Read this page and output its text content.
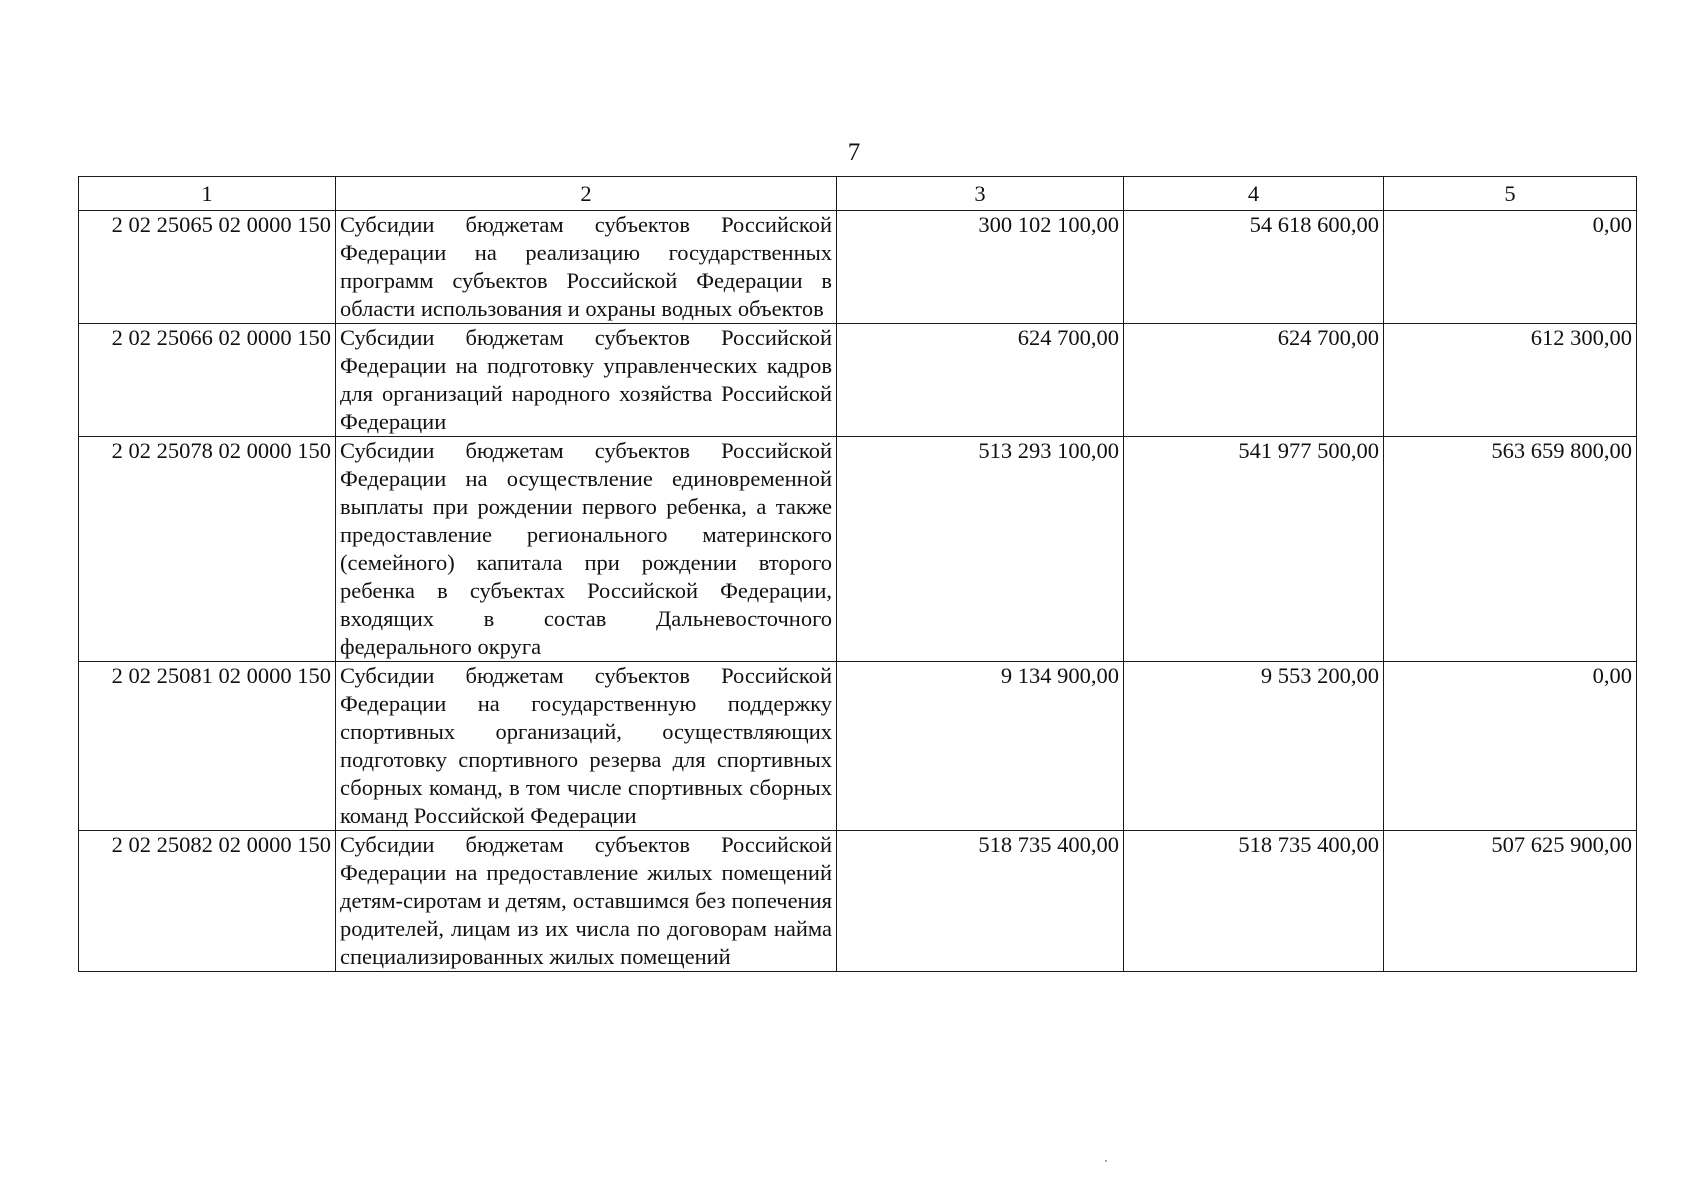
7
1	2	3	4	5
2 02 25065 02 0000 150	Субсидии бюджетам субъектов Российской Федерации на реализацию государственных программ субъектов Российской Федерации в области использования и охраны водных объектов	300 102 100,00	54 618 600,00	0,00
2 02 25066 02 0000 150	Субсидии бюджетам субъектов Российской Федерации на подготовку управленческих кадров для организаций народного хозяйства Российской Федерации	624 700,00	624 700,00	612 300,00
2 02 25078 02 0000 150	Субсидии бюджетам субъектов Российской Федерации на осуществление единовременной выплаты при рождении первого ребенка, а также предоставление регионального материнского (семейного) капитала при рождении второго ребенка в субъектах Российской Федерации, входящих в состав Дальневосточного федерального округа	513 293 100,00	541 977 500,00	563 659 800,00
2 02 25081 02 0000 150	Субсидии бюджетам субъектов Российской Федерации на государственную поддержку спортивных организаций, осуществляющих подготовку спортивного резерва для спортивных сборных команд, в том числе спортивных сборных команд Российской Федерации	9 134 900,00	9 553 200,00	0,00
2 02 25082 02 0000 150	Субсидии бюджетам субъектов Российской Федерации на предоставление жилых помещений детям-сиротам и детям, оставшимся без попечения родителей, лицам из их числа по договорам найма специализированных жилых помещений	518 735 400,00	518 735 400,00	507 625 900,00
